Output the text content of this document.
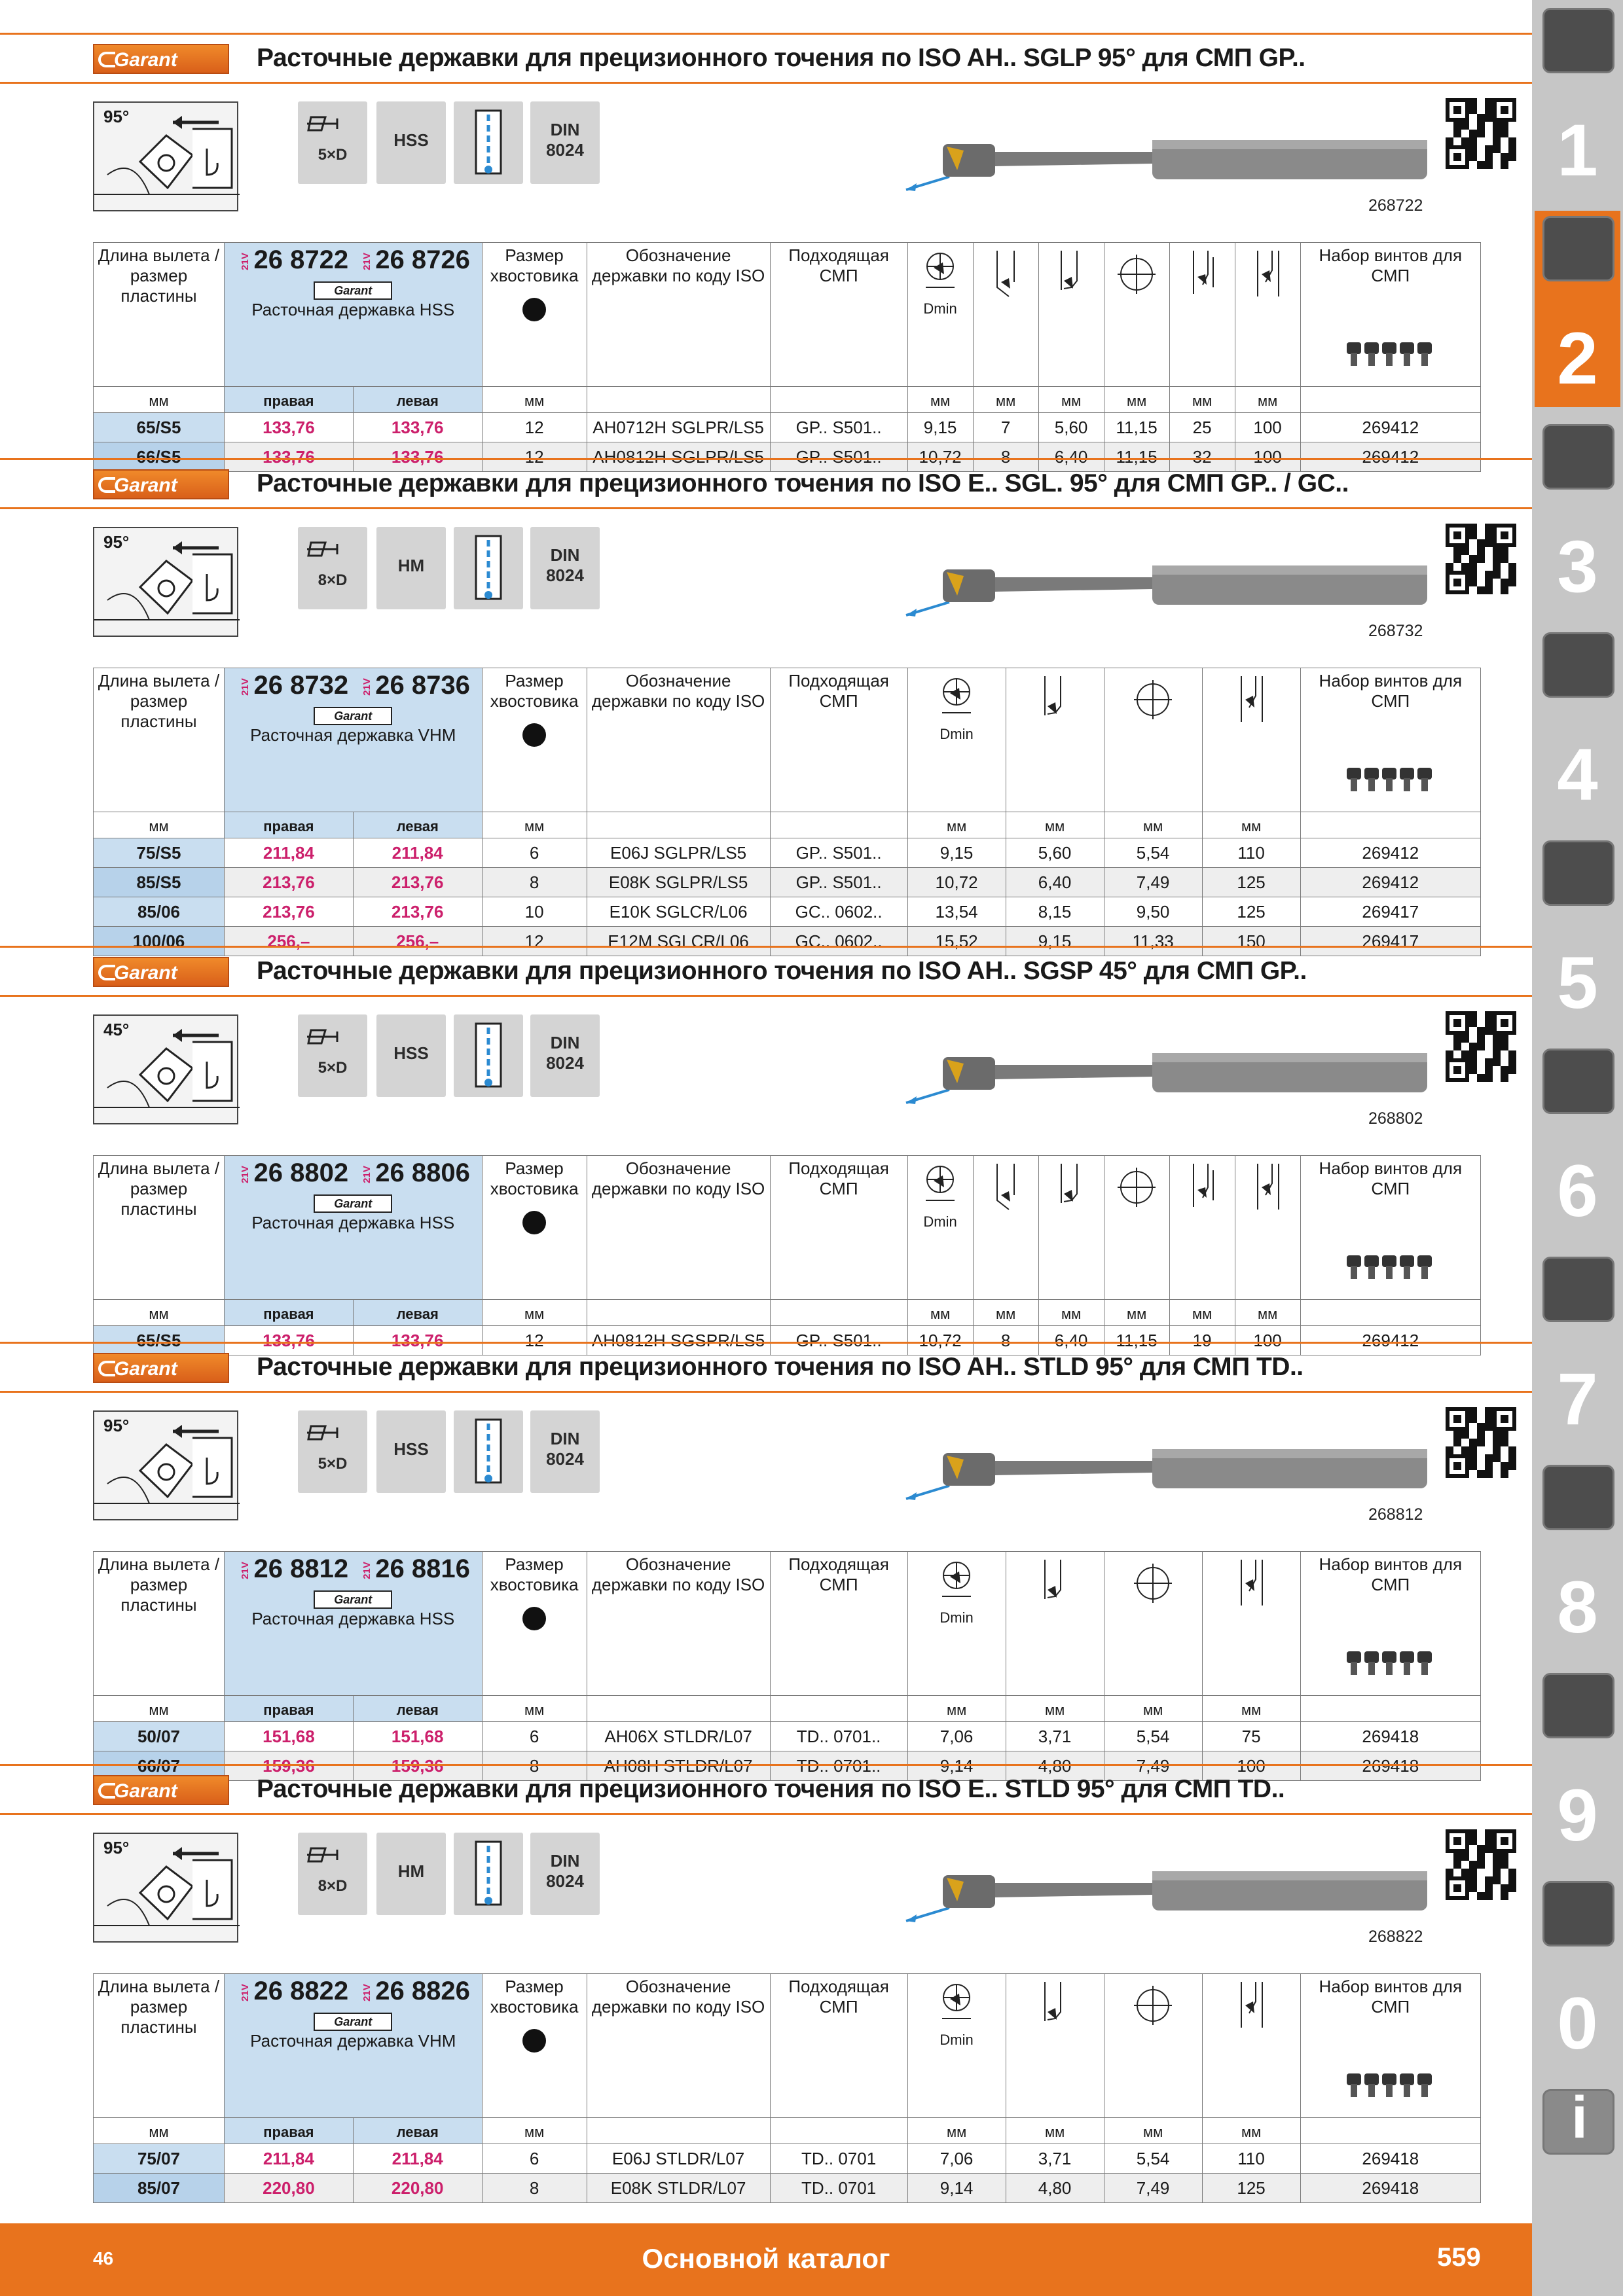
Garant	Расточные державки для прецизионного точения по ISO AH.. SGLP 95° для СМП GP..
95°
5×D
HSS
DIN
8024
268722
Длина вылета / размер пластины	21V 26 8722 21V 26 8726
Garant
Расточная державка HSS		Размер хвостовика	Обозначение державки по коду ISO	Подходящая СМП	Dmin						Набор винтов для СМП

мм	правая	левая	мм			мм	мм	мм	мм	мм	мм	
65/S5	133,76	133,76	12	AH0712H SGLPR/LS5	GP.. S501..	9,15	7	5,60	11,15	25	100	269412
66/S5	133,76	133,76	12	AH0812H SGLPR/LS5	GP.. S501..	10,72	8	6,40	11,15	32	100	269412
Garant	Расточные державки для прецизионного точения по ISO E.. SGL. 95° для СМП GP.. / GC..
95°
8×D
HM
DIN
8024
268732
Длина вылета / размер пластины	21V 26 8732 21V 26 8736
Garant
Расточная державка VHM		Размер хвостовика	Обозначение державки по коду ISO	Подходящая СМП	Dmin				Набор винтов для СМП

мм	правая	левая	мм			мм	мм	мм	мм	
75/S5	211,84	211,84	6	E06J SGLPR/LS5	GP.. S501..	9,15	5,60	5,54	110	269412
85/S5	213,76	213,76	8	E08K SGLPR/LS5	GP.. S501..	10,72	6,40	7,49	125	269412
85/06	213,76	213,76	10	E10K SGLCR/L06	GC.. 0602..	13,54	8,15	9,50	125	269417
100/06	256,–	256,–	12	E12M SGLCR/L06	GC.. 0602..	15,52	9,15	11,33	150	269417
Garant	Расточные державки для прецизионного точения по ISO AH.. SGSP 45° для СМП GP..
45°
5×D
HSS
DIN
8024
268802
Длина вылета / размер пластины	21V 26 8802 21V 26 8806
Garant
Расточная державка HSS		Размер хвостовика	Обозначение державки по коду ISO	Подходящая СМП	Dmin						Набор винтов для СМП

мм	правая	левая	мм			мм	мм	мм	мм	мм	мм	
65/S5	133,76	133,76	12	AH0812H SGSPR/LS5	GP.. S501..	10,72	8	6,40	11,15	19	100	269412
Garant	Расточные державки для прецизионного точения по ISO AH.. STLD 95° для СМП TD..
95°
5×D
HSS
DIN
8024
268812
Длина вылета / размер пластины	21V 26 8812 21V 26 8816
Garant
Расточная державка HSS		Размер хвостовика	Обозначение державки по коду ISO	Подходящая СМП	Dmin				Набор винтов для СМП

мм	правая	левая	мм			мм	мм	мм	мм	
50/07	151,68	151,68	6	AH06X STLDR/L07	TD.. 0701..	7,06	3,71	5,54	75	269418
66/07	159,36	159,36	8	AH08H STLDR/L07	TD.. 0701..	9,14	4,80	7,49	100	269418
Garant	Расточные державки для прецизионного точения по ISO E.. STLD 95° для СМП TD..
95°
8×D
HM
DIN
8024
268822
Длина вылета / размер пластины	21V 26 8822 21V 26 8826
Garant
Расточная державка VHM		Размер хвостовика	Обозначение державки по коду ISO	Подходящая СМП	Dmin				Набор винтов для СМП

мм	правая	левая	мм			мм	мм	мм	мм	
75/07	211,84	211,84	6	E06J STLDR/L07	TD.. 0701	7,06	3,71	5,54	110	269418
85/07	220,80	220,80	8	E08K STLDR/L07	TD.. 0701	9,14	4,80	7,49	125	269418
1
2
3
4
5
6
7
8
9
0
i
46	Основной каталог	559
